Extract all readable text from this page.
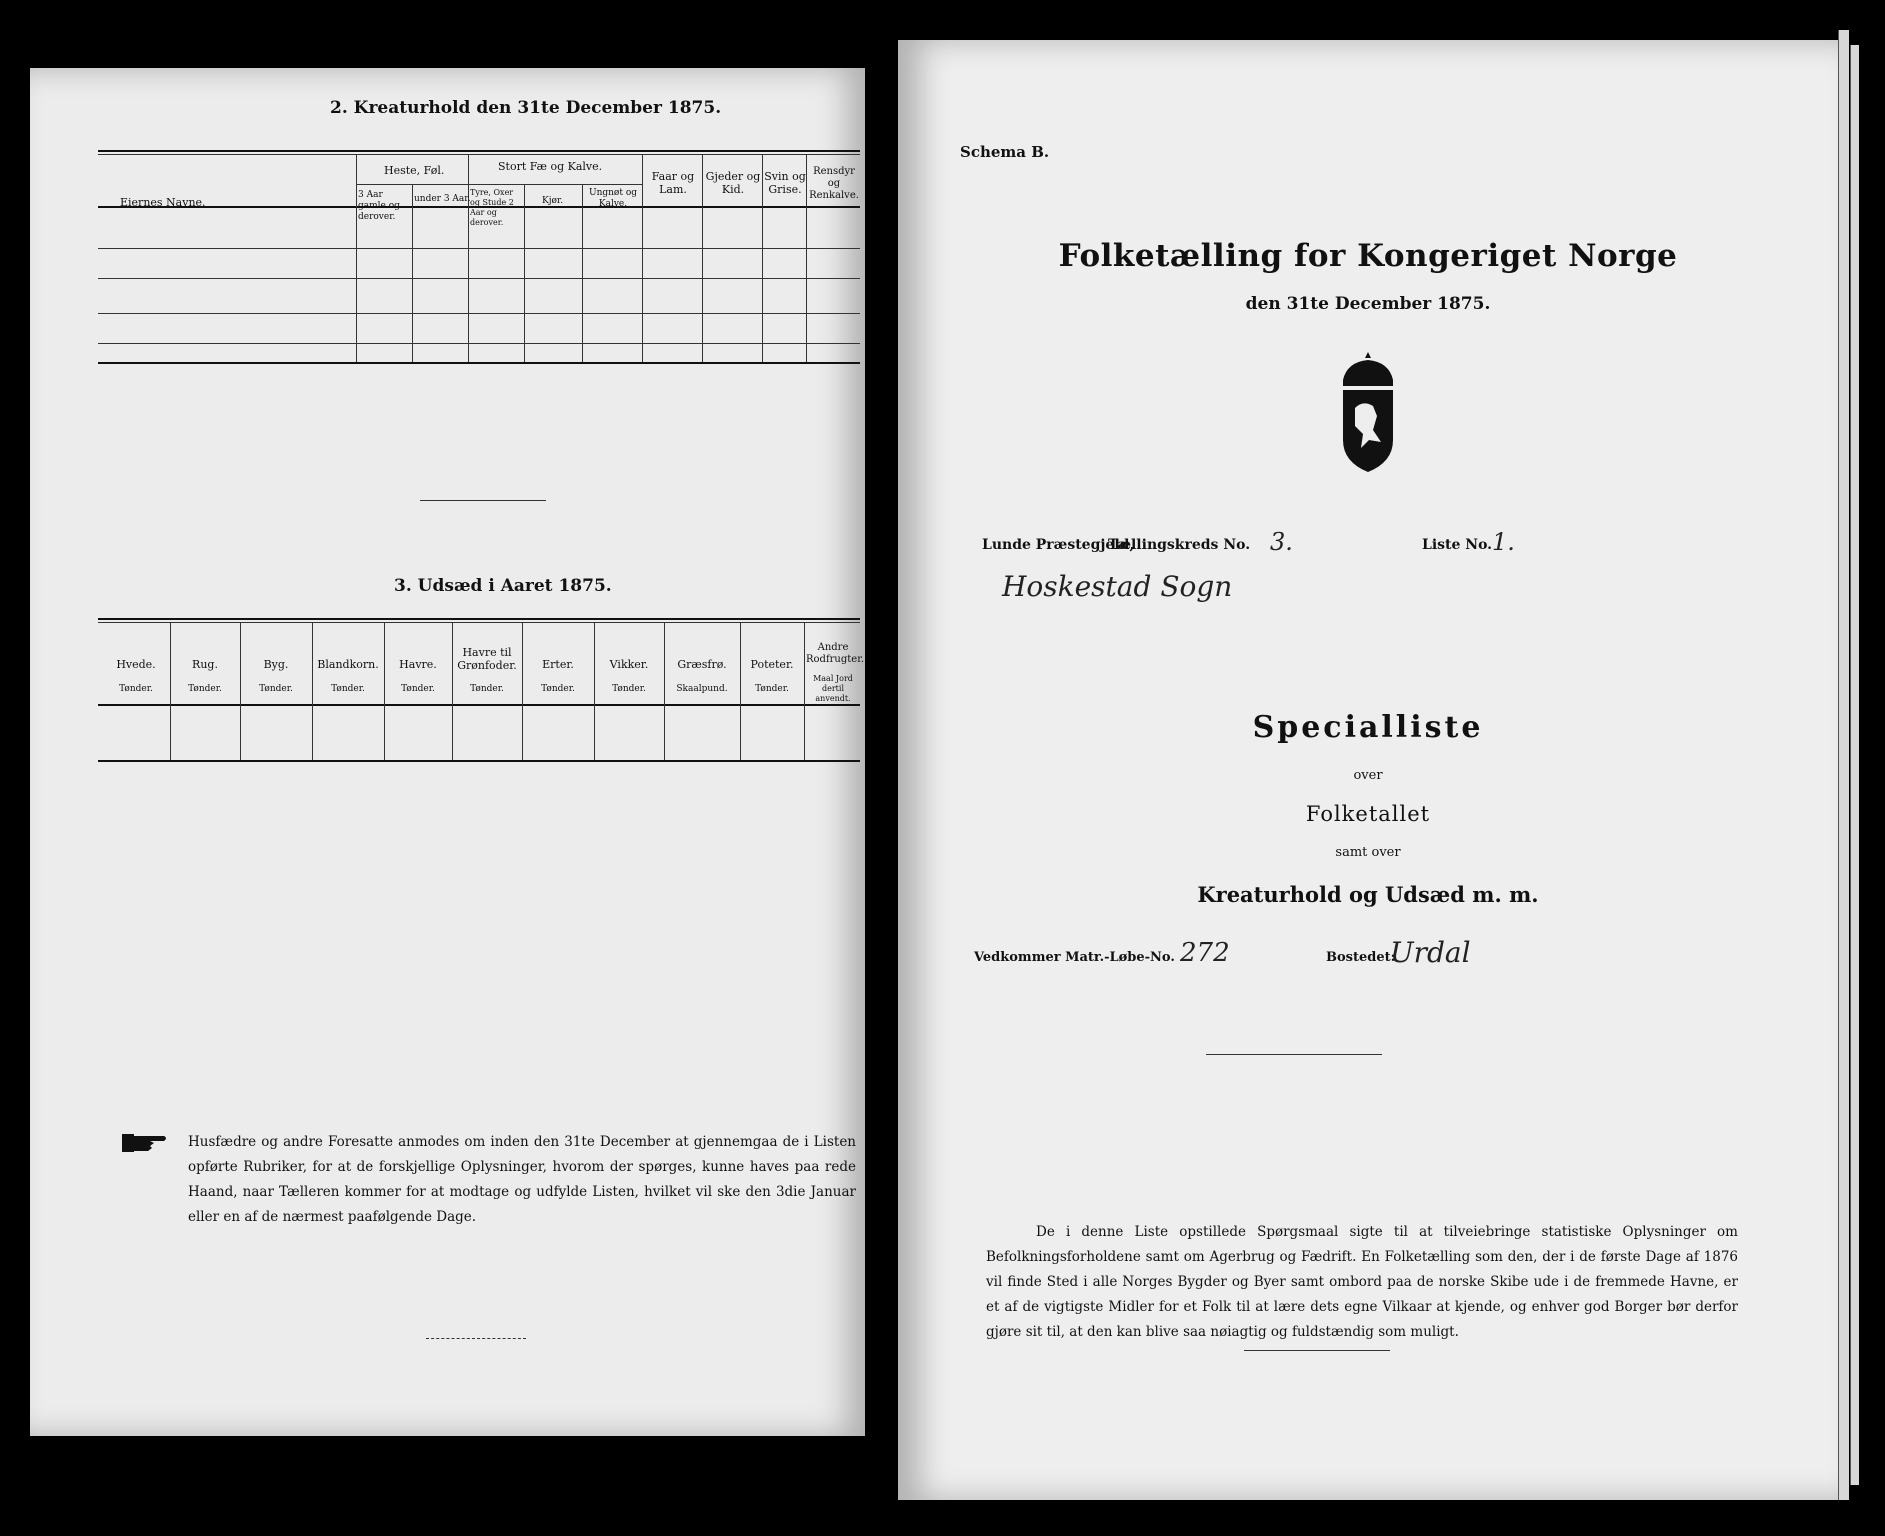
2. Kreaturhold den 31te December 1875.
Eiernes Navne.
Heste, Føl.
3 Aar gamle og derover.
under 3 Aar.
Stort Fæ og Kalve.
Tyre, Oxer og Stude 2 Aar og derover.
Kjør.
Ungnøt og Kalve.
Faar og Lam.
Gjeder og Kid.
Svin og Grise.
Rensdyr og Renkalve.
3. Udsæd i Aaret 1875.
Hvede.
Tønder.
Rug.
Tønder.
Byg.
Tønder.
Blandkorn.
Tønder.
Havre.
Tønder.
Havre til Grønfoder.
Tønder.
Erter.
Tønder.
Vikker.
Tønder.
Græsfrø.
Skaalpund.
Poteter.
Tønder.
Andre Rodfrugter.
Maal Jord dertil anvendt.
Husfædre og andre Foresatte anmodes om inden den 31te December at gjennemgaa de i Listen opførte Rubriker, for at de forskjellige Oplysninger, hvorom der spørges, kunne haves paa rede Haand, naar Tælleren kommer for at modtage og udfylde Listen, hvilket vil ske den 3die Januar eller en af de nærmest paafølgende Dage.
Schema B.
Folketælling for Kongeriget Norge
den 31te December 1875.
Lunde Præstegjeld,
Tællingskreds No. 3.	Liste No. 1.
Hoskestad Sogn
Specialliste
over
Folketallet
samt over
Kreaturhold og Udsæd m. m.
Vedkommer Matr.-Løbe-No. 272	Bostedet:
Urdal
De i denne Liste opstillede Spørgsmaal sigte til at tilveiebringe statistiske Oplysninger om Befolkningsforholdene samt om Agerbrug og Fædrift. En Folketælling som den, der i de første Dage af 1876 vil finde Sted i alle Norges Bygder og Byer samt ombord paa de norske Skibe ude i de fremmede Havne, er et af de vigtigste Midler for et Folk til at lære dets egne Vilkaar at kjende, og enhver god Borger bør derfor gjøre sit til, at den kan blive saa nøiagtig og fuldstændig som muligt.
